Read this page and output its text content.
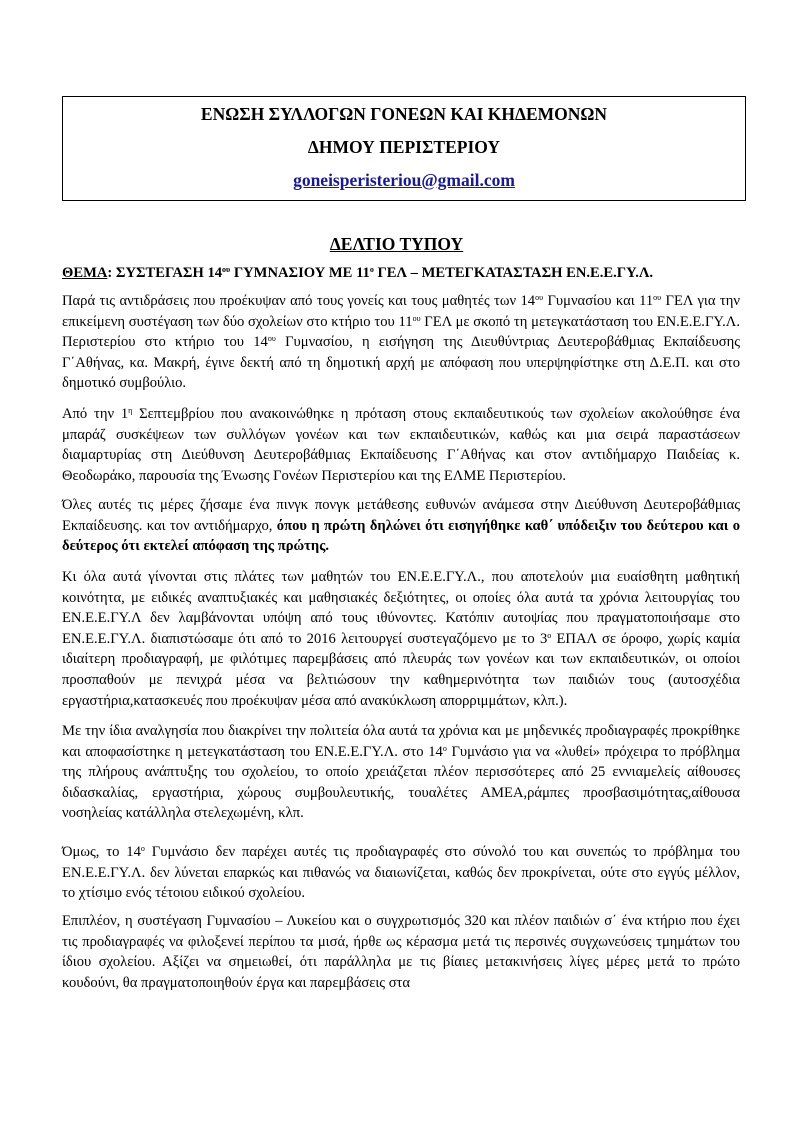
ΕΝΩΣΗ ΣΥΛΛΟΓΩΝ ΓΟΝΕΩΝ ΚΑΙ ΚΗΔΕΜΟΝΩΝ
ΔΗΜΟΥ ΠΕΡΙΣΤΕΡΙΟΥ
goneisperisteriou@gmail.com
ΔΕΛΤΙΟ ΤΥΠΟΥ
ΘΕΜΑ: ΣΥΣΤΕΓΑΣΗ $14^{o\upsilon}$ ΓΥΜΝΑΣΙΟΥ ΜΕ $11^o$ ΓΕΛ – ΜΕΤΕΓΚΑΤΑΣΤΑΣΗ ΕΝ.Ε.Ε.ΓΥ.Λ.

Παρά τις αντιδράσεις που προέκυψαν από τους γονείς και τους μαθητές των $14^{o\upsilon}$ Γυμνασίου και $11^{o\upsilon}$ ΓΕΛ για την επικείμενη συστέγαση των δύο σχολείων στο κτήριο του $11^{o\upsilon}$ ΓΕΛ με σκοπό τη μετεγκατάσταση του ΕΝ.Ε.Ε.ΓΥ.Λ. Περιστερίου στο κτήριο του $14^{o\upsilon}$ Γυμνασίου, η εισήγηση της Διευθύντριας Δευτεροβάθμιας Εκπαίδευσης Γ΄Αθήνας, κα. Μακρή, έγινε δεκτή από τη δημοτική αρχή με απόφαση που υπερψηφίστηκε στη Δ.Ε.Π. και στο δημοτικό συμβούλιο.

Από την $1^\eta$ Σεπτεμβρίου που ανακοινώθηκε η πρόταση στους εκπαιδευτικούς των σχολείων ακολούθησε ένα μπαράζ συσκέψεων των συλλόγων γονέων και των εκπαιδευτικών, καθώς και μια σειρά παραστάσεων διαμαρτυρίας στη Διεύθυνση Δευτεροβάθμιας Εκπαίδευσης Γ΄Αθήνας και στον αντιδήμαρχο Παιδείας κ. Θεοδωράκο, παρουσία της Ένωσης Γονέων Περιστερίου και της ΕΛΜΕ Περιστερίου.

Όλες αυτές τις μέρες ζήσαμε ένα πινγκ πονγκ μετάθεσης ευθυνών ανάμεσα στην Διεύθυνση Δευτεροβάθμιας Εκπαίδευσης. και τον αντιδήμαρχο, όπου η πρώτη δηλώνει ότι εισηγήθηκε καθ΄ υπόδειξιν του δεύτερου και ο δεύτερος ότι εκτελεί απόφαση της πρώτης.

Κι όλα αυτά γίνονται στις πλάτες των μαθητών του ΕΝ.Ε.Ε.ΓΥ.Λ., που αποτελούν μια ευαίσθητη μαθητική κοινότητα, με ειδικές αναπτυξιακές και μαθησιακές δεξιότητες, οι οποίες όλα αυτά τα χρόνια λειτουργίας του ΕΝ.Ε.Ε.ΓΥ.Λ δεν λαμβάνονται υπόψη από τους ιθύνοντες. Κατόπιν αυτοψίας που πραγματοποιήσαμε στο ΕΝ.Ε.Ε.ΓΥ.Λ. διαπιστώσαμε ότι από το 2016 λειτουργεί συστεγαζόμενο με το $3^o$ ΕΠΑΛ σε όροφο, χωρίς καμία ιδιαίτερη προδιαγραφή, με φιλότιμες παρεμβάσεις από πλευράς των γονέων και των εκπαιδευτικών, οι οποίοι προσπαθούν με πενιχρά μέσα να βελτιώσουν την καθημερινότητα των παιδιών τους (αυτοσχέδια εργαστήρια,κατασκευές που προέκυψαν μέσα από ανακύκλωση απορριμμάτων, κλπ.).

Με την ίδια αναλγησία που διακρίνει την πολιτεία όλα αυτά τα χρόνια και με μηδενικές προδιαγραφές προκρίθηκε και αποφασίστηκε η μετεγκατάσταση του ΕΝ.Ε.Ε.ΓΥ.Λ. στο $14^o$ Γυμνάσιο για να «λυθεί» πρόχειρα το πρόβλημα της πλήρους ανάπτυξης του σχολείου, το οποίο χρειάζεται πλέον περισσότερες από 25 εννιαμελείς αίθουσες διδασκαλίας, εργαστήρια, χώρους συμβουλευτικής, τουαλέτες ΑΜΕΑ,ράμπες προσβασιμότητας,αίθουσα νοσηλείας κατάλληλα στελεχωμένη, κλπ.

Όμως, το $14^o$ Γυμνάσιο δεν παρέχει αυτές τις προδιαγραφές στο σύνολό του και συνεπώς το πρόβλημα του ΕΝ.Ε.Ε.ΓΥ.Λ. δεν λύνεται επαρκώς και πιθανώς να διαιωνίζεται, καθώς δεν προκρίνεται, ούτε στο εγγύς μέλλον, το χτίσιμο ενός τέτοιου ειδικού σχολείου.

Επιπλέον, η συστέγαση Γυμνασίου – Λυκείου και ο συγχρωτισμός 320 και πλέον παιδιών σ΄ ένα κτήριο που έχει τις προδιαγραφές να φιλοξενεί περίπου τα μισά, ήρθε ως κέρασμα μετά τις περσινές συγχωνεύσεις τμημάτων του ίδιου σχολείου. Αξίζει να σημειωθεί, ότι παράλληλα με τις βίαιες μετακινήσεις λίγες μέρες μετά το πρώτο κουδούνι, θα πραγματοποιηθούν έργα και παρεμβάσεις στα
